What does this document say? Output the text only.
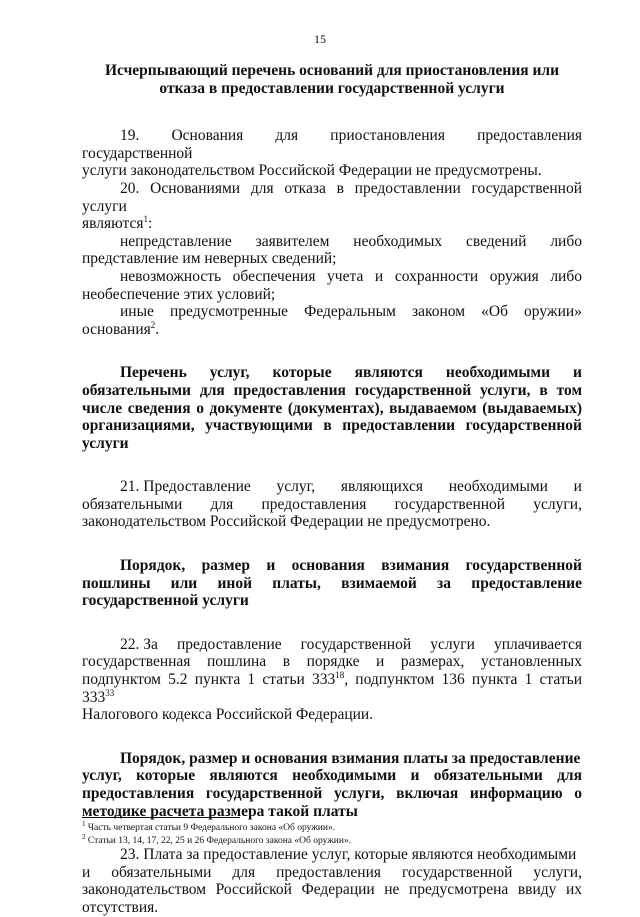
15
Исчерпывающий перечень оснований для приостановления или
отказа в предоставлении государственной услуги

19. Основания для приостановления предоставления государственной

услуги законодательством Российской Федерации не предусмотрены.

20. Основаниями для отказа в предоставлении государственной услуги

являются$^1$:

непредставление заявителем необходимых сведений либо

представление им неверных сведений;

невозможность обеспечения учета и сохранности оружия либо

необеспечение этих условий;

иные предусмотренные Федеральным законом «Об оружии»

основания$^2$.

Перечень услуг, которые являются необходимыми и
обязательными для предоставления государственной услуги, в том
числе сведения о документе (документах), выдаваемом (выдаваемых)
организациями, участвующими в предоставлении государственной
услуги
21. Предоставление услуг, являющихся необходимыми и
обязательными для предоставления государственной услуги,

законодательством Российской Федерации не предусмотрено.

Порядок, размер и основания взимания государственной
пошлины или иной платы, взимаемой за предоставление
государственной услуги
22. За предоставление государственной услуги уплачивается
государственная пошлина в порядке и размерах, установленных

подпунктом 5.2 пункта 1 статьи $333^{18}$, подпунктом 136 пункта 1 статьи $333^{33}$

Налогового кодекса Российской Федерации.

Порядок, размер и основания взимания платы за предоставление
услуг, которые являются необходимыми и обязательными для
предоставления государственной услуги, включая информацию о
методике расчета размера такой платы

23. Плата за предоставление услуг, которые являются необходимыми

и обязательными для предоставления государственной услуги,
законодательством Российской Федерации не предусмотрена ввиду их

отсутствия.

$^1$ Часть четвертая статьи 9 Федерального закона «Об оружии».
$^2$ Статьи 13, 14, 17, 22, 25 и 26 Федерального закона «Об оружии».
